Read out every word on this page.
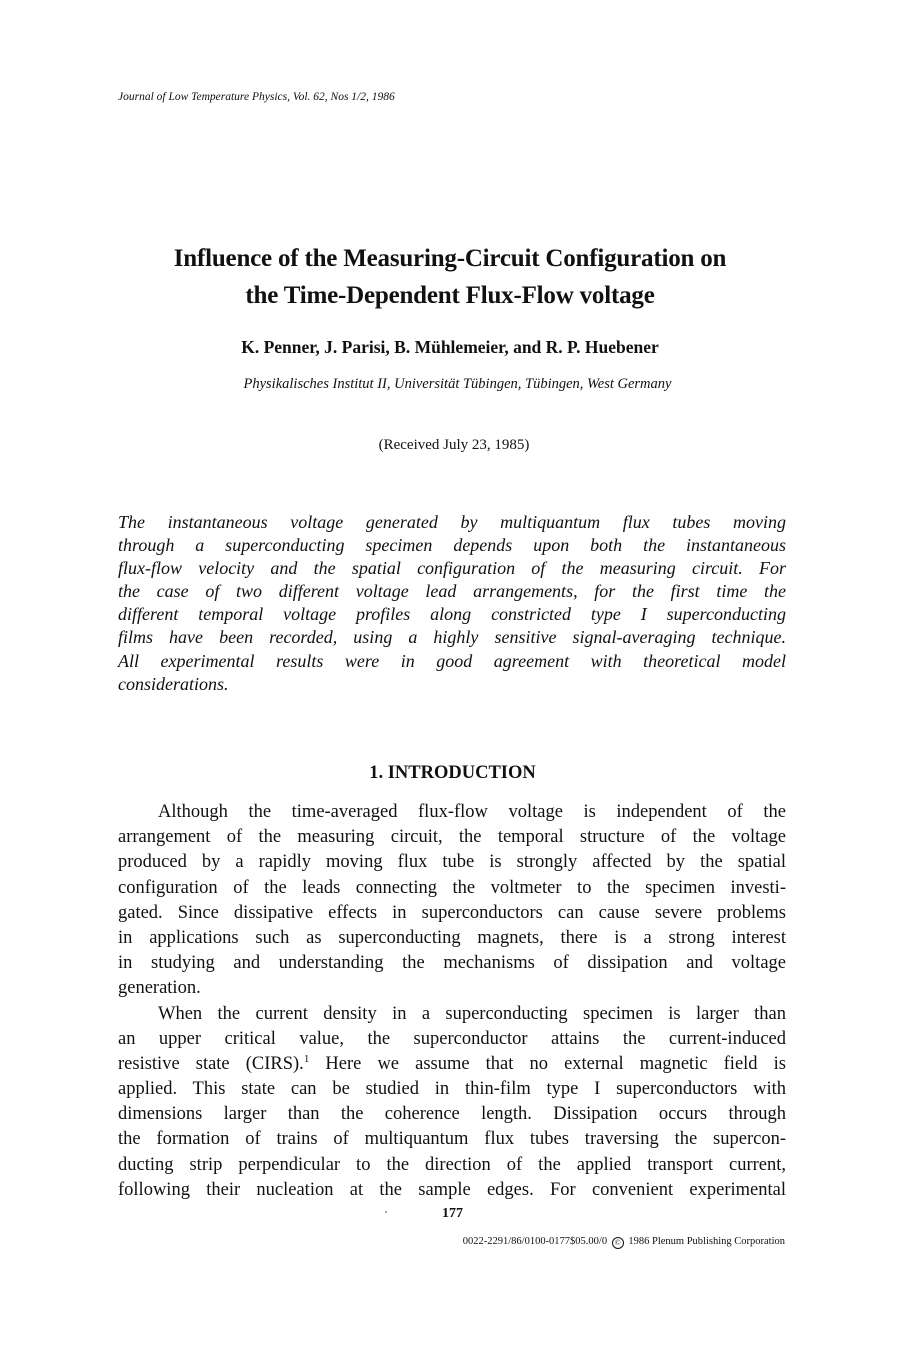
Journal of Low Temperature Physics, Vol. 62, Nos 1/2, 1986
Influence of the Measuring-Circuit Configuration on
the Time-Dependent Flux-Flow voltage
K. Penner, J. Parisi, B. Mühlemeier, and R. P. Huebener
Physikalisches Institut II, Universität Tübingen, Tübingen, West Germany
(Received July 23, 1985)
The instantaneous voltage generated by multiquantum flux tubes moving
through a superconducting specimen depends upon both the instantaneous
flux-flow velocity and the spatial configuration of the measuring circuit. For
the case of two different voltage lead arrangements, for the first time the
different temporal voltage profiles along constricted type I superconducting
films have been recorded, using a highly sensitive signal-averaging technique.
All experimental results were in good agreement with theoretical model
considerations.
1. INTRODUCTION
Although the time-averaged flux-flow voltage is independent of the
arrangement of the measuring circuit, the temporal structure of the voltage
produced by a rapidly moving flux tube is strongly affected by the spatial
configuration of the leads connecting the voltmeter to the specimen investi-
gated. Since dissipative effects in superconductors can cause severe problems
in applications such as superconducting magnets, there is a strong interest
in studying and understanding the mechanisms of dissipation and voltage
generation.
When the current density in a superconducting specimen is larger than
an upper critical value, the superconductor attains the current-induced
resistive state (CIRS).$^1$ Here we assume that no external magnetic field is
applied. This state can be studied in thin-film type I superconductors with
dimensions larger than the coherence length. Dissipation occurs through
the formation of trains of multiquantum flux tubes traversing the supercon-
ducting strip perpendicular to the direction of the applied transport current,
following their nucleation at the sample edges. For convenient experimental
177
0022-2291/86/0100-0177$05.00/0 © 1986 Plenum Publishing Corporation
